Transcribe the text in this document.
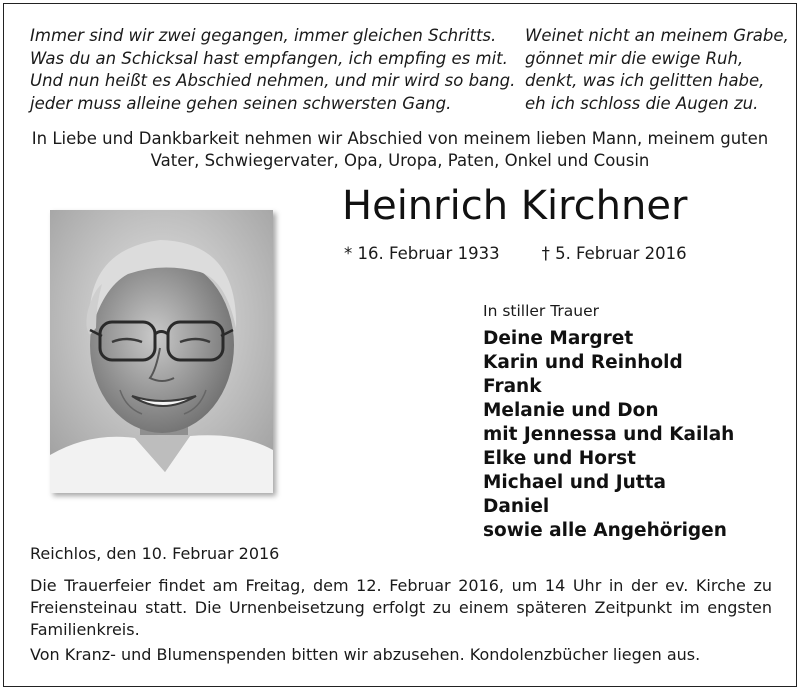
Immer sind wir zwei gegangen, immer gleichen Schritts.
Was du an Schicksal hast empfangen, ich empfing es mit.
Und nun heißt es Abschied nehmen, und mir wird so bang.
jeder muss alleine gehen seinen schwersten Gang.
Weinet nicht an meinem Grabe,
gönnet mir die ewige Ruh,
denkt, was ich gelitten habe,
eh ich schloss die Augen zu.
In Liebe und Dankbarkeit nehmen wir Abschied von meinem lieben Mann, meinem guten
Vater, Schwiegervater, Opa, Uropa, Paten, Onkel und Cousin
Heinrich Kirchner
* 16. Februar 1933	† 5. Februar 2016
In stiller Trauer
Deine Margret
Karin und Reinhold
Frank
Melanie und Don
mit Jennessa und Kailah
Elke und Horst
Michael und Jutta
Daniel
sowie alle Angehörigen
Reichlos, den 10. Februar 2016

Die Trauerfeier findet am Freitag, dem 12. Februar 2016, um 14 Uhr in der ev. Kirche zu Freiensteinau statt. Die Urnenbeisetzung erfolgt zu einem späteren Zeitpunkt im engsten Familienkreis.

Von Kranz- und Blumenspenden bitten wir abzusehen. Kondolenzbücher liegen aus.
